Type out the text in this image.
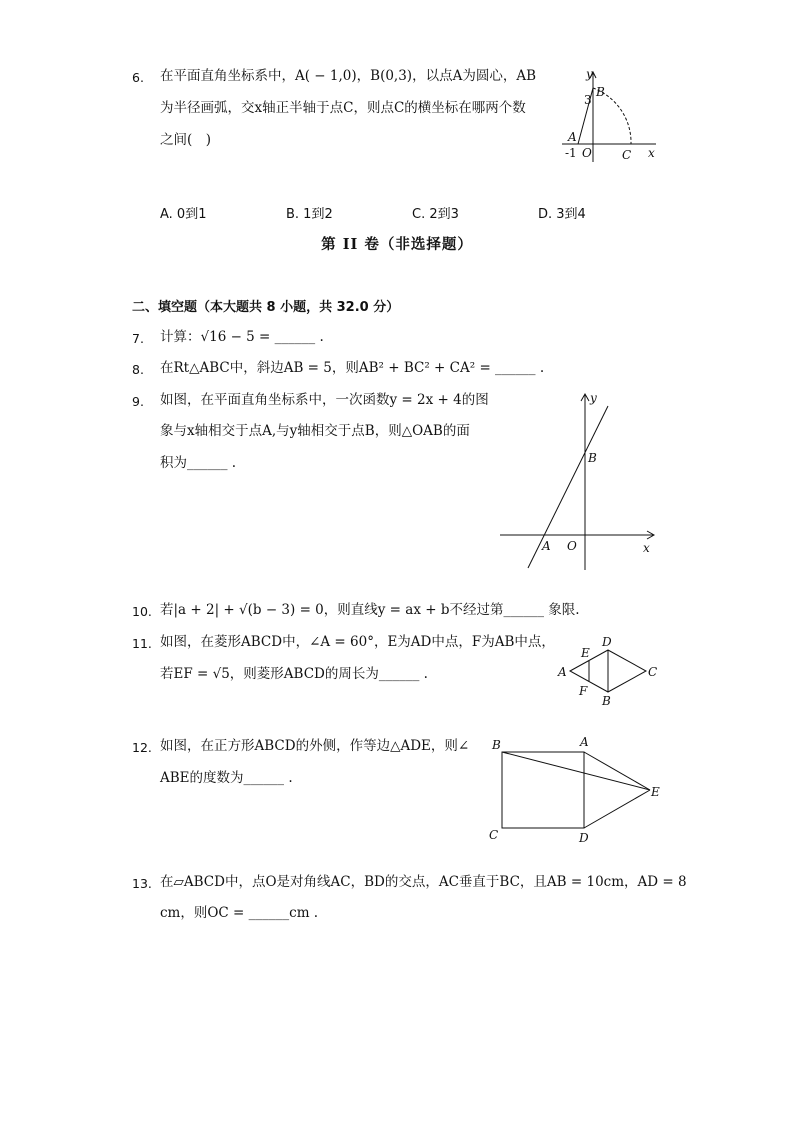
6. 在平面直角坐标系中，A( − 1,0)，B(0,3)，以点A为圆心，AB
为半径画弧，交x轴正半轴于点C，则点C的横坐标在哪两个数
之间(　)
y
B
3
A
-1 O	C x
A. 0到1	B. 1到2	C. 2到3	D. 3到4
第 II 卷（非选择题）
二、填空题（本大题共 8 小题，共 32.0 分）
7. 计算：√16 − 5 = ______ .
8. 在Rt△ABC中，斜边AB = 5，则AB² + BC² + CA² = ______ .
9. 如图，在平面直角坐标系中，一次函数y = 2x + 4的图
象与x轴相交于点A,与y轴相交于点B，则△OAB的面
积为______ .
y
B
A O	x
10. 若|a + 2| + √(b − 3) = 0，则直线y = ax + b不经过第______ 象限.
11. 如图，在菱形ABCD中，∠A = 60°，E为AD中点，F为AB中点，
若EF = √5，则菱形ABCD的周长为______ .	A
D
C
B
E
F
12. 如图，在正方形ABCD的外侧，作等边△ADE，则∠
ABE的度数为______ .
B	A
E
C	D
13. 在▱ABCD中，点O是对角线AC，BD的交点，AC垂直于BC，且AB = 10cm，AD = 8
cm，则OC = ______cm .
